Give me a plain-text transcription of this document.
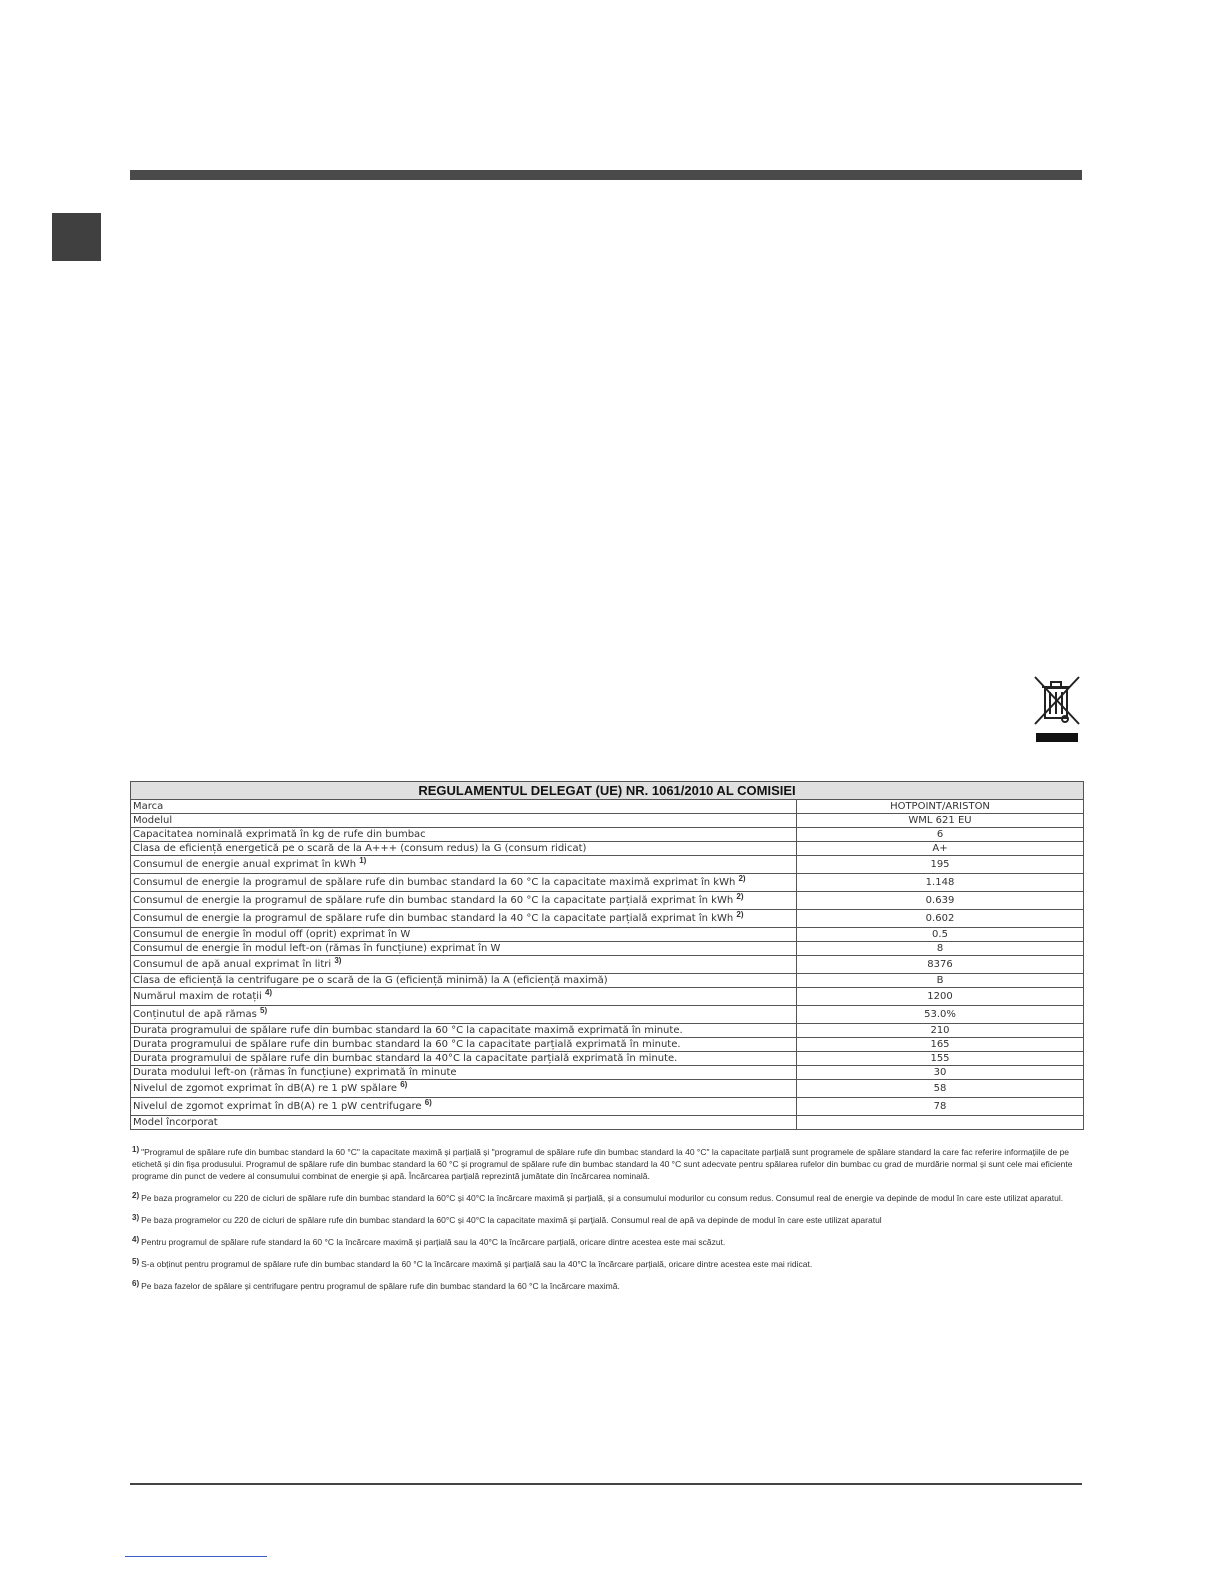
REGULAMENTUL DELEGAT (UE) NR. 1061/2010 AL COMISIEI	
Marca	HOTPOINT/ARISTON
Modelul	WML 621 EU
Capacitatea nominală exprimată în kg de rufe din bumbac	6
Clasa de eficiență energetică pe o scară de la A+++ (consum redus) la G (consum ridicat)	A+
Consumul de energie anual exprimat în kWh $^{1)}$	195
Consumul de energie la programul de spălare rufe din bumbac standard la 60 °C la capacitate maximă exprimat în kWh $^{2)}$	1.148
Consumul de energie la programul de spălare rufe din bumbac standard la 60 °C la capacitate parțială exprimat în kWh $^{2)}$	0.639
Consumul de energie la programul de spălare rufe din bumbac standard la 40 °C la capacitate parțială exprimat în kWh $^{2)}$	0.602
Consumul de energie în modul off (oprit) exprimat în W	0.5
Consumul de energie în modul left-on (rămas în funcțiune) exprimat în W	8
Consumul de apă anual exprimat în litri $^{3)}$	8376
Clasa de eficiență la centrifugare pe o scară de la G (eficiență minimă) la A (eficiență maximă)	B
Numărul maxim de rotații $^{4)}$	1200
Conținutul de apă rămas $^{5)}$	53.0%
Durata programului de spălare rufe din bumbac standard la 60 °C la capacitate maximă exprimată în minute.	210
Durata programului de spălare rufe din bumbac standard la 60 °C la capacitate parțială exprimată în minute.	165
Durata programului de spălare rufe din bumbac standard la 40°C la capacitate parțială exprimată în minute.	155
Durata modului left-on (rămas în funcțiune) exprimată în minute	30
Nivelul de zgomot exprimat în dB(A) re 1 pW spălare $^{6)}$	58
Nivelul de zgomot exprimat în dB(A) re 1 pW centrifugare $^{6)}$	78
Model încorporat	
1) "Programul de spălare rufe din bumbac standard la 60 °C" la capacitate maximă și parțială și "programul de spălare rufe din bumbac standard la 40 °C" la capacitate parțială sunt programele de spălare standard la care fac referire informațiile de pe etichetă și din fișa produsului. Programul de spălare rufe din bumbac standard la 60 °C și programul de spălare rufe din bumbac standard la 40 °C sunt adecvate pentru spălarea rufelor din bumbac cu grad de murdărie normal și sunt cele mai eficiente programe din punct de vedere al consumului combinat de energie și apă. Încărcarea parțială reprezintă jumătate din încărcarea nominală.
2) Pe baza programelor cu 220 de cicluri de spălare rufe din bumbac standard la 60°C și 40°C la încărcare maximă și parțială, și a consumului modurilor cu consum redus. Consumul real de energie va depinde de modul în care este utilizat aparatul.
3) Pe baza programelor cu 220 de cicluri de spălare rufe din bumbac standard la 60°C și 40°C la capacitate maximă și parțială. Consumul real de apă va depinde de modul în care este utilizat aparatul
4) Pentru programul de spălare rufe standard la 60 °C la încărcare maximă și parțială sau la 40°C la încărcare parțială, oricare dintre acestea este mai scăzut.
5) S-a obținut pentru programul de spălare rufe din bumbac standard la 60 °C la încărcare maximă și parțială sau la 40°C la încărcare parțială, oricare dintre acestea este mai ridicat.
6) Pe baza fazelor de spălare și centrifugare pentru programul de spălare rufe din bumbac standard la 60 °C la încărcare maximă.
